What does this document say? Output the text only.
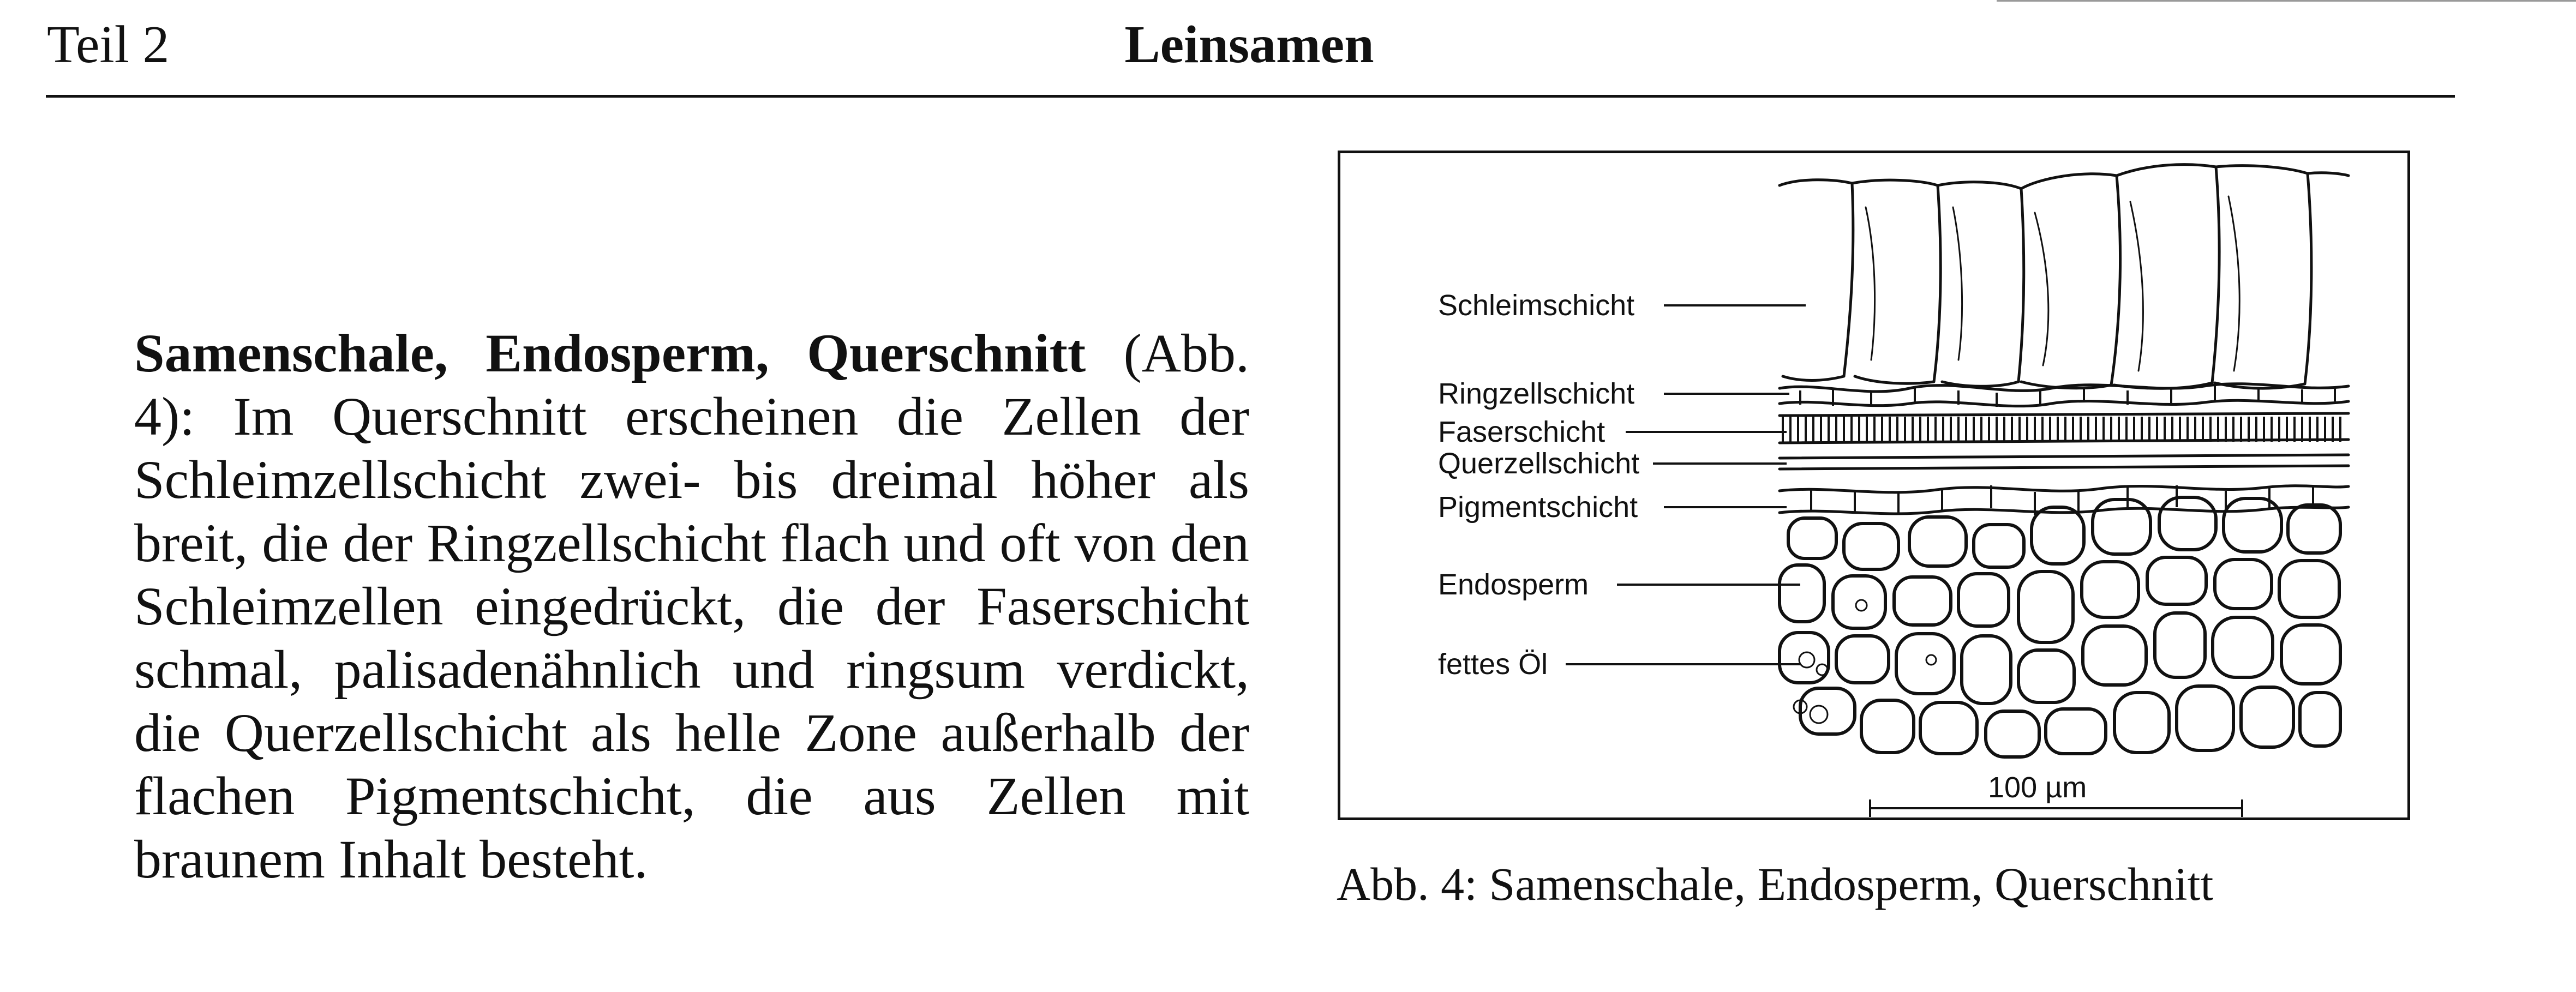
Teil 2	Leinsamen
Samenschale, Endosperm, Querschnitt (Abb. 4): Im Querschnitt erscheinen die Zellen der Schleimzellschicht zwei- bis dreimal höher als breit, die der Ringzellschicht flach und oft von den Schleimzellen eingedrückt, die der Faserschicht schmal, palisadenähnlich und ringsum verdickt, die Querzellschicht als helle Zone außerhalb der flachen Pigmentschicht, die aus Zellen mit braunem Inhalt besteht.
Schleimschicht
Ringzellschicht
Faserschicht
Querzellschicht
Pigmentschicht
Endosperm
fettes Öl
100 µm
Abb. 4: Samenschale, Endosperm, Querschnitt
